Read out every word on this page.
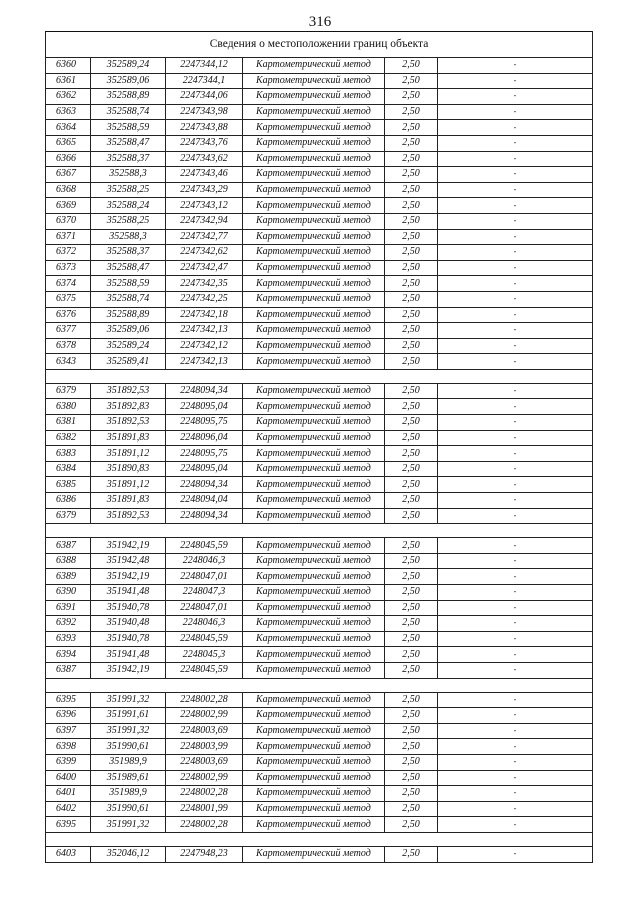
316
Сведения о местоположении границ объекта					
6360	352589,24	2247344,12	Картометрический метод	2,50	-
6361	352589,06	2247344,1	Картометрический метод	2,50	-
6362	352588,89	2247344,06	Картометрический метод	2,50	-
6363	352588,74	2247343,98	Картометрический метод	2,50	-
6364	352588,59	2247343,88	Картометрический метод	2,50	-
6365	352588,47	2247343,76	Картометрический метод	2,50	-
6366	352588,37	2247343,62	Картометрический метод	2,50	-
6367	352588,3	2247343,46	Картометрический метод	2,50	-
6368	352588,25	2247343,29	Картометрический метод	2,50	-
6369	352588,24	2247343,12	Картометрический метод	2,50	-
6370	352588,25	2247342,94	Картометрический метод	2,50	-
6371	352588,3	2247342,77	Картометрический метод	2,50	-
6372	352588,37	2247342,62	Картометрический метод	2,50	-
6373	352588,47	2247342,47	Картометрический метод	2,50	-
6374	352588,59	2247342,35	Картометрический метод	2,50	-
6375	352588,74	2247342,25	Картометрический метод	2,50	-
6376	352588,89	2247342,18	Картометрический метод	2,50	-
6377	352589,06	2247342,13	Картометрический метод	2,50	-
6378	352589,24	2247342,12	Картометрический метод	2,50	-
6343	352589,41	2247342,13	Картометрический метод	2,50	-

6379	351892,53	2248094,34	Картометрический метод	2,50	-
6380	351892,83	2248095,04	Картометрический метод	2,50	-
6381	351892,53	2248095,75	Картометрический метод	2,50	-
6382	351891,83	2248096,04	Картометрический метод	2,50	-
6383	351891,12	2248095,75	Картометрический метод	2,50	-
6384	351890,83	2248095,04	Картометрический метод	2,50	-
6385	351891,12	2248094,34	Картометрический метод	2,50	-
6386	351891,83	2248094,04	Картометрический метод	2,50	-
6379	351892,53	2248094,34	Картометрический метод	2,50	-

6387	351942,19	2248045,59	Картометрический метод	2,50	-
6388	351942,48	2248046,3	Картометрический метод	2,50	-
6389	351942,19	2248047,01	Картометрический метод	2,50	-
6390	351941,48	2248047,3	Картометрический метод	2,50	-
6391	351940,78	2248047,01	Картометрический метод	2,50	-
6392	351940,48	2248046,3	Картометрический метод	2,50	-
6393	351940,78	2248045,59	Картометрический метод	2,50	-
6394	351941,48	2248045,3	Картометрический метод	2,50	-
6387	351942,19	2248045,59	Картометрический метод	2,50	-

6395	351991,32	2248002,28	Картометрический метод	2,50	-
6396	351991,61	2248002,99	Картометрический метод	2,50	-
6397	351991,32	2248003,69	Картометрический метод	2,50	-
6398	351990,61	2248003,99	Картометрический метод	2,50	-
6399	351989,9	2248003,69	Картометрический метод	2,50	-
6400	351989,61	2248002,99	Картометрический метод	2,50	-
6401	351989,9	2248002,28	Картометрический метод	2,50	-
6402	351990,61	2248001,99	Картометрический метод	2,50	-
6395	351991,32	2248002,28	Картометрический метод	2,50	-

6403	352046,12	2247948,23	Картометрический метод	2,50	-
